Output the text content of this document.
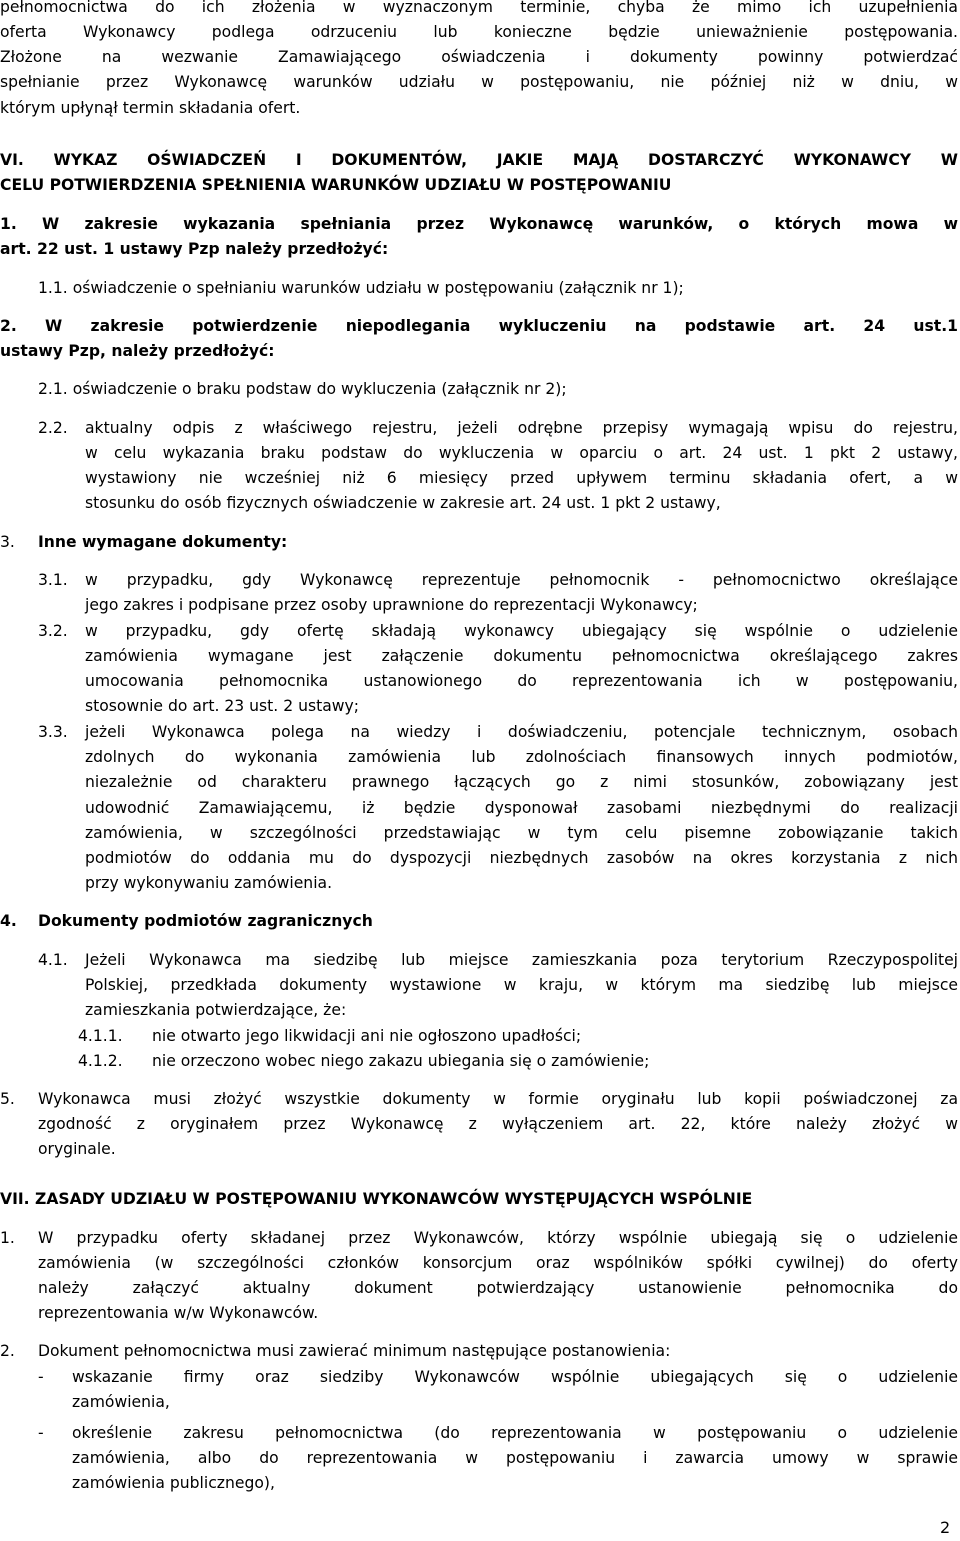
pełnomocnictwa do ich złożenia w wyznaczonym terminie, chyba że mimo ich uzupełnienia
oferta Wykonawcy podlega odrzuceniu lub konieczne będzie unieważnienie postępowania.
Złożone na wezwanie Zamawiającego oświadczenia i dokumenty powinny potwierdzać
spełnianie przez Wykonawcę warunków udziału w postępowaniu, nie później niż w dniu, w
którym upłynął termin składania ofert.
VI. WYKAZ OŚWIADCZEŃ I DOKUMENTÓW, JAKIE MAJĄ DOSTARCZYĆ WYKONAWCY W
CELU POTWIERDZENIA SPEŁNIENIA WARUNKÓW UDZIAŁU W POSTĘPOWANIU
1. W zakresie wykazania spełniania przez Wykonawcę warunków, o których mowa w
art. 22 ust. 1 ustawy Pzp należy przedłożyć:
1.1. oświadczenie o spełnianiu warunków udziału w postępowaniu (załącznik nr 1);
2. W zakresie potwierdzenie niepodlegania wykluczeniu na podstawie art. 24 ust.1
ustawy Pzp, należy przedłożyć:
2.1. oświadczenie o braku podstaw do wykluczenia (załącznik nr 2);
2.2. aktualny odpis z właściwego rejestru, jeżeli odrębne przepisy wymagają wpisu do rejestru,
w celu wykazania braku podstaw do wykluczenia w oparciu o art. 24 ust. 1 pkt 2 ustawy,
wystawiony nie wcześniej niż 6 miesięcy przed upływem terminu składania ofert, a w
stosunku do osób fizycznych oświadczenie w zakresie art. 24 ust. 1 pkt 2 ustawy,
3. Inne wymagane dokumenty:
3.1. w przypadku, gdy Wykonawcę reprezentuje pełnomocnik - pełnomocnictwo określające
jego zakres i podpisane przez osoby uprawnione do reprezentacji Wykonawcy;
3.2. w przypadku, gdy ofertę składają wykonawcy ubiegający się wspólnie o udzielenie
zamówienia wymagane jest załączenie dokumentu pełnomocnictwa określającego zakres
umocowania pełnomocnika ustanowionego do reprezentowania ich w postępowaniu,
stosownie do art. 23 ust. 2 ustawy;
3.3. jeżeli Wykonawca polega na wiedzy i doświadczeniu, potencjale technicznym, osobach
zdolnych do wykonania zamówienia lub zdolnościach finansowych innych podmiotów,
niezależnie od charakteru prawnego łączących go z nimi stosunków, zobowiązany jest
udowodnić Zamawiającemu, iż będzie dysponował zasobami niezbędnymi do realizacji
zamówienia, w szczególności przedstawiając w tym celu pisemne zobowiązanie takich
podmiotów do oddania mu do dyspozycji niezbędnych zasobów na okres korzystania z nich
przy wykonywaniu zamówienia.
4. Dokumenty podmiotów zagranicznych
4.1. Jeżeli Wykonawca ma siedzibę lub miejsce zamieszkania poza terytorium Rzeczypospolitej
Polskiej, przedkłada dokumenty wystawione w kraju, w którym ma siedzibę lub miejsce
zamieszkania potwierdzające, że:
4.1.1. nie otwarto jego likwidacji ani nie ogłoszono upadłości;
4.1.2. nie orzeczono wobec niego zakazu ubiegania się o zamówienie;
5. Wykonawca musi złożyć wszystkie dokumenty w formie oryginału lub kopii poświadczonej za
zgodność z oryginałem przez Wykonawcę z wyłączeniem art. 22, które należy złożyć w
oryginale.
VII. ZASADY UDZIAŁU W POSTĘPOWANIU WYKONAWCÓW WYSTĘPUJĄCYCH WSPÓLNIE
1. W przypadku oferty składanej przez Wykonawców, którzy wspólnie ubiegają się o udzielenie
zamówienia (w szczególności członków konsorcjum oraz wspólników spółki cywilnej) do oferty
należy załączyć aktualny dokument potwierdzający ustanowienie pełnomocnika do
reprezentowania w/w Wykonawców.
2. Dokument pełnomocnictwa musi zawierać minimum następujące postanowienia:
- wskazanie firmy oraz siedziby Wykonawców wspólnie ubiegających się o udzielenie
zamówienia,
- określenie zakresu pełnomocnictwa (do reprezentowania w postępowaniu o udzielenie
zamówienia, albo do reprezentowania w postępowaniu i zawarcia umowy w sprawie
zamówienia publicznego),
2
